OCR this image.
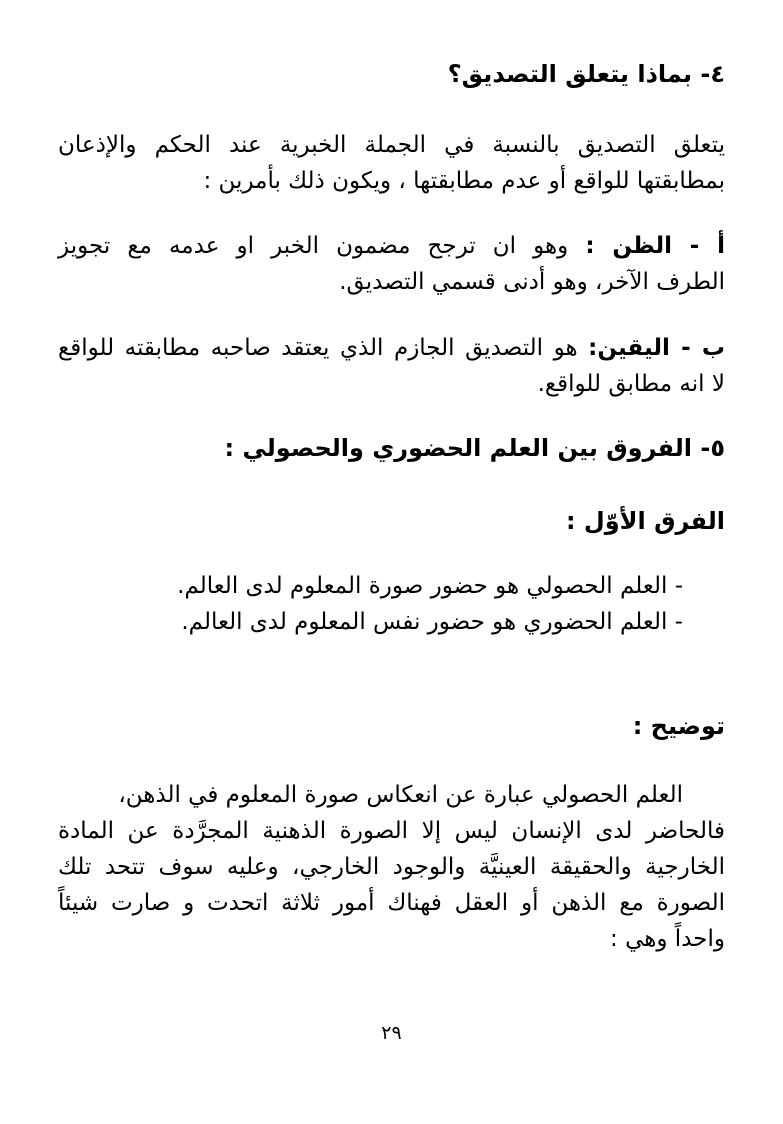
٤- بماذا يتعلق التصديق؟
يتعلق التصديق بالنسبة في الجملة الخبرية عند الحكم والإذعان
بمطابقتها للواقع أو عدم مطابقتها ، ويكون ذلك بأمرين :
أ - الظن : وهو ان ترجح مضمون الخبر او عدمه مع تجويز
الطرف الآخر، وهو أدنى قسمي التصديق.
ب - اليقين: هو التصديق الجازم الذي يعتقد صاحبه مطابقته للواقع
لا انه مطابق للواقع.
٥- الفروق بين العلم الحضوري والحصولي :
الفرق الأوّل :
- العلم الحصولي هو حضور صورة المعلوم لدى العالم.
- العلم الحضوري هو حضور نفس المعلوم لدى العالم.
توضيح :
العلم الحصولي عبارة عن انعكاس صورة المعلوم في الذهن،
فالحاضر لدى الإنسان ليس إلا الصورة الذهنية المجرَّدة عن المادة
الخارجية والحقيقة العينيَّة والوجود الخارجي، وعليه سوف تتحد تلك
الصورة مع الذهن أو العقل فهناك أمور ثلاثة اتحدت و صارت شيئاً
واحداً وهي :
٢٩
